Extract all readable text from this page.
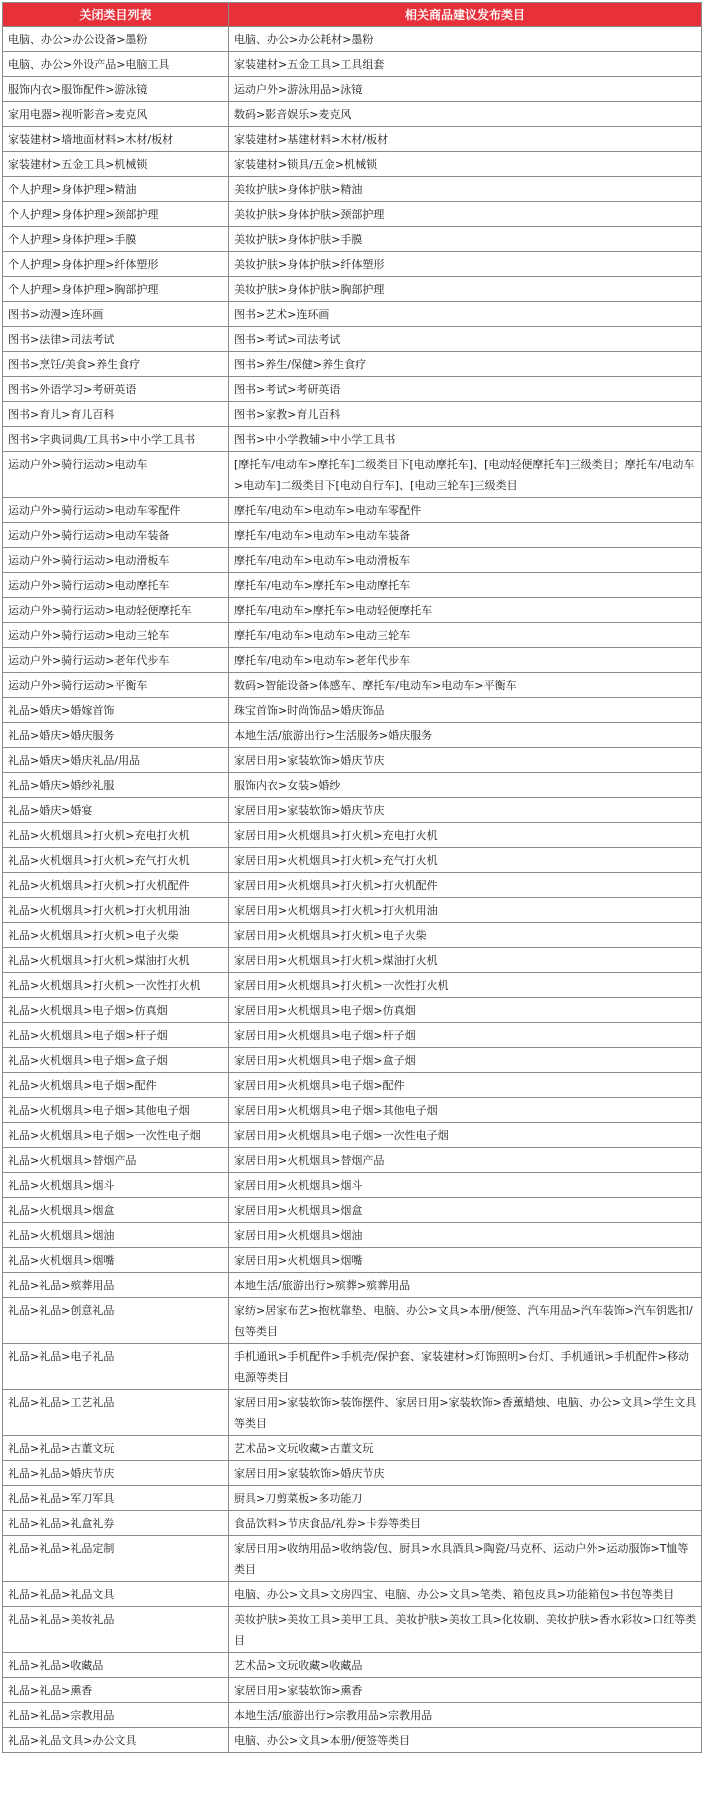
关闭类目列表	相关商品建议发布类目
电脑、办公>办公设备>墨粉	电脑、办公>办公耗材>墨粉
电脑、办公>外设产品>电脑工具	家装建材>五金工具>工具组套
服饰内衣>服饰配件>游泳镜	运动户外>游泳用品>泳镜
家用电器>视听影音>麦克风	数码>影音娱乐>麦克风
家装建材>墙地面材料>木材/板材	家装建材>基建材料>木材/板材
家装建材>五金工具>机械锁	家装建材>锁具/五金>机械锁
个人护理>身体护理>精油	美妆护肤>身体护肤>精油
个人护理>身体护理>颈部护理	美妆护肤>身体护肤>颈部护理
个人护理>身体护理>手膜	美妆护肤>身体护肤>手膜
个人护理>身体护理>纤体塑形	美妆护肤>身体护肤>纤体塑形
个人护理>身体护理>胸部护理	美妆护肤>身体护肤>胸部护理
图书>动漫>连环画	图书>艺术>连环画
图书>法律>司法考试	图书>考试>司法考试
图书>烹饪/美食>养生食疗	图书>养生/保健>养生食疗
图书>外语学习>考研英语	图书>考试>考研英语
图书>育儿>育儿百科	图书>家教>育儿百科
图书>字典词典/工具书>中小学工具书	图书>中小学教辅>中小学工具书
运动户外>骑行运动>电动车	[摩托车/电动车>摩托车]二级类目下[电动摩托车]、[电动轻便摩托车]三级类目；摩托车/电动车>电动车]二级类目下[电动自行车]、[电动三轮车]三级类目
运动户外>骑行运动>电动车零配件	摩托车/电动车>电动车>电动车零配件
运动户外>骑行运动>电动车装备	摩托车/电动车>电动车>电动车装备
运动户外>骑行运动>电动滑板车	摩托车/电动车>电动车>电动滑板车
运动户外>骑行运动>电动摩托车	摩托车/电动车>摩托车>电动摩托车
运动户外>骑行运动>电动轻便摩托车	摩托车/电动车>摩托车>电动轻便摩托车
运动户外>骑行运动>电动三轮车	摩托车/电动车>电动车>电动三轮车
运动户外>骑行运动>老年代步车	摩托车/电动车>电动车>老年代步车
运动户外>骑行运动>平衡车	数码>智能设备>体感车、摩托车/电动车>电动车>平衡车
礼品>婚庆>婚嫁首饰	珠宝首饰>时尚饰品>婚庆饰品
礼品>婚庆>婚庆服务	本地生活/旅游出行>生活服务>婚庆服务
礼品>婚庆>婚庆礼品/用品	家居日用>家装软饰>婚庆节庆
礼品>婚庆>婚纱礼服	服饰内衣>女装>婚纱
礼品>婚庆>婚宴	家居日用>家装软饰>婚庆节庆
礼品>火机烟具>打火机>充电打火机	家居日用>火机烟具>打火机>充电打火机
礼品>火机烟具>打火机>充气打火机	家居日用>火机烟具>打火机>充气打火机
礼品>火机烟具>打火机>打火机配件	家居日用>火机烟具>打火机>打火机配件
礼品>火机烟具>打火机>打火机用油	家居日用>火机烟具>打火机>打火机用油
礼品>火机烟具>打火机>电子火柴	家居日用>火机烟具>打火机>电子火柴
礼品>火机烟具>打火机>煤油打火机	家居日用>火机烟具>打火机>煤油打火机
礼品>火机烟具>打火机>一次性打火机	家居日用>火机烟具>打火机>一次性打火机
礼品>火机烟具>电子烟>仿真烟	家居日用>火机烟具>电子烟>仿真烟
礼品>火机烟具>电子烟>杆子烟	家居日用>火机烟具>电子烟>杆子烟
礼品>火机烟具>电子烟>盒子烟	家居日用>火机烟具>电子烟>盒子烟
礼品>火机烟具>电子烟>配件	家居日用>火机烟具>电子烟>配件
礼品>火机烟具>电子烟>其他电子烟	家居日用>火机烟具>电子烟>其他电子烟
礼品>火机烟具>电子烟>一次性电子烟	家居日用>火机烟具>电子烟>一次性电子烟
礼品>火机烟具>替烟产品	家居日用>火机烟具>替烟产品
礼品>火机烟具>烟斗	家居日用>火机烟具>烟斗
礼品>火机烟具>烟盒	家居日用>火机烟具>烟盒
礼品>火机烟具>烟油	家居日用>火机烟具>烟油
礼品>火机烟具>烟嘴	家居日用>火机烟具>烟嘴
礼品>礼品>殡葬用品	本地生活/旅游出行>殡葬>殡葬用品
礼品>礼品>创意礼品	家纺>居家布艺>抱枕靠垫、电脑、办公>文具>本册/便签、汽车用品>汽车装饰>汽车钥匙扣/包等类目
礼品>礼品>电子礼品	手机通讯>手机配件>手机壳/保护套、家装建材>灯饰照明>台灯、手机通讯>手机配件>移动电源等类目
礼品>礼品>工艺礼品	家居日用>家装软饰>装饰摆件、家居日用>家装软饰>香薰蜡烛、电脑、办公>文具>学生文具等类目
礼品>礼品>古董文玩	艺术品>文玩收藏>古董文玩
礼品>礼品>婚庆节庆	家居日用>家装软饰>婚庆节庆
礼品>礼品>军刀军具	厨具>刀剪菜板>多功能刀
礼品>礼品>礼盒礼券	食品饮料>节庆食品/礼券>卡券等类目
礼品>礼品>礼品定制	家居日用>收纳用品>收纳袋/包、厨具>水具酒具>陶瓷/马克杯、运动户外>运动服饰>T恤等类目
礼品>礼品>礼品文具	电脑、办公>文具>文房四宝、电脑、办公>文具>笔类、箱包皮具>功能箱包>书包等类目
礼品>礼品>美妆礼品	美妆护肤>美妆工具>美甲工具、美妆护肤>美妆工具>化妆刷、美妆护肤>香水彩妆>口红等类目
礼品>礼品>收藏品	艺术品>文玩收藏>收藏品
礼品>礼品>熏香	家居日用>家装软饰>熏香
礼品>礼品>宗教用品	本地生活/旅游出行>宗教用品>宗教用品
礼品>礼品文具>办公文具	电脑、办公>文具>本册/便签等类目
